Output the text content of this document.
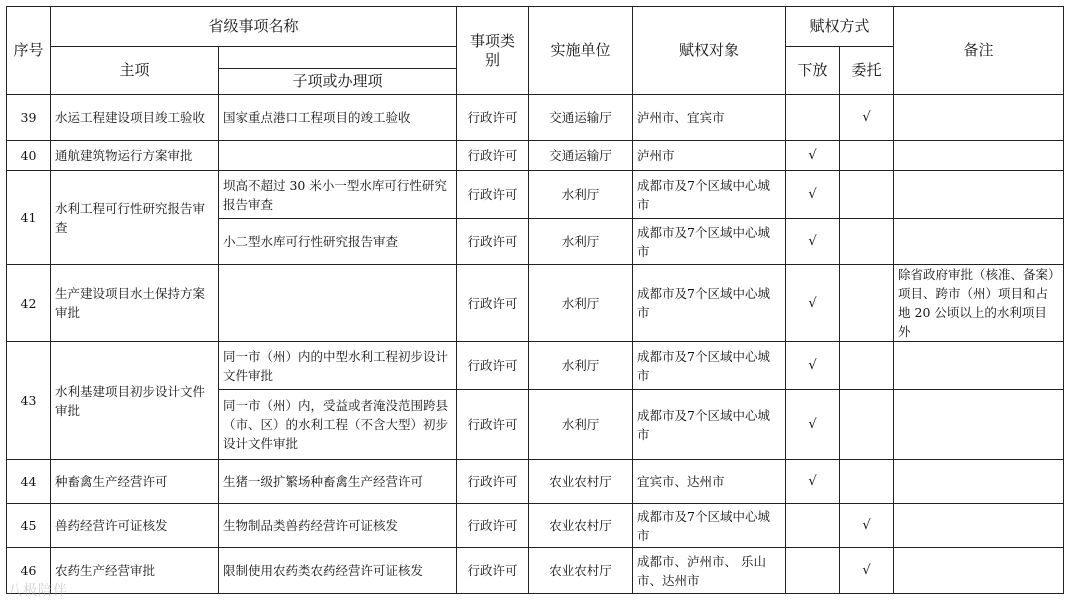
序号	省级事项名称		事项类别	实施单位	赋权对象	赋权方式		备注
	主项					下放	委托	
		子项或办理项						
39	水运工程建设项目竣工验收	国家重点港口工程项目的竣工验收	行政许可	交通运输厅	泸州市、宜宾市		√	
40	通航建筑物运行方案审批		行政许可	交通运输厅	泸州市	√		
41	水利工程可行性研究报告审查	坝高不超过 30 米小一型水库可行性研究报告审查	行政许可	水利厅	成都市及7个区域中心城市	√		
		小二型水库可行性研究报告审查	行政许可	水利厅	成都市及7个区域中心城市	√		
42	生产建设项目水土保持方案审批		行政许可	水利厅	成都市及7个区域中心城市	√		除省政府审批（核准、备案）项目、跨市（州）项目和占地 20 公顷以上的水利项目外
43	水利基建项目初步设计文件审批	同一市（州）内的中型水利工程初步设计文件审批	行政许可	水利厅	成都市及7个区域中心城市	√		
		同一市（州）内，受益或者淹没范围跨县（市、区）的水利工程（不含大型）初步设计文件审批	行政许可	水利厅	成都市及7个区域中心城市	√		
44	种畜禽生产经营许可	生猪一级扩繁场种畜禽生产经营许可	行政许可	农业农村厅	宜宾市、达州市	√		
45	兽药经营许可证核发	生物制品类兽药经营许可证核发	行政许可	农业农村厅	成都市及7个区域中心城市		√	
46	农药生产经营审批	限制使用农药类农药经营许可证核发	行政许可	农业农村厅	成都市、泸州市、 乐山市、达州市		√	
八极陪伴
